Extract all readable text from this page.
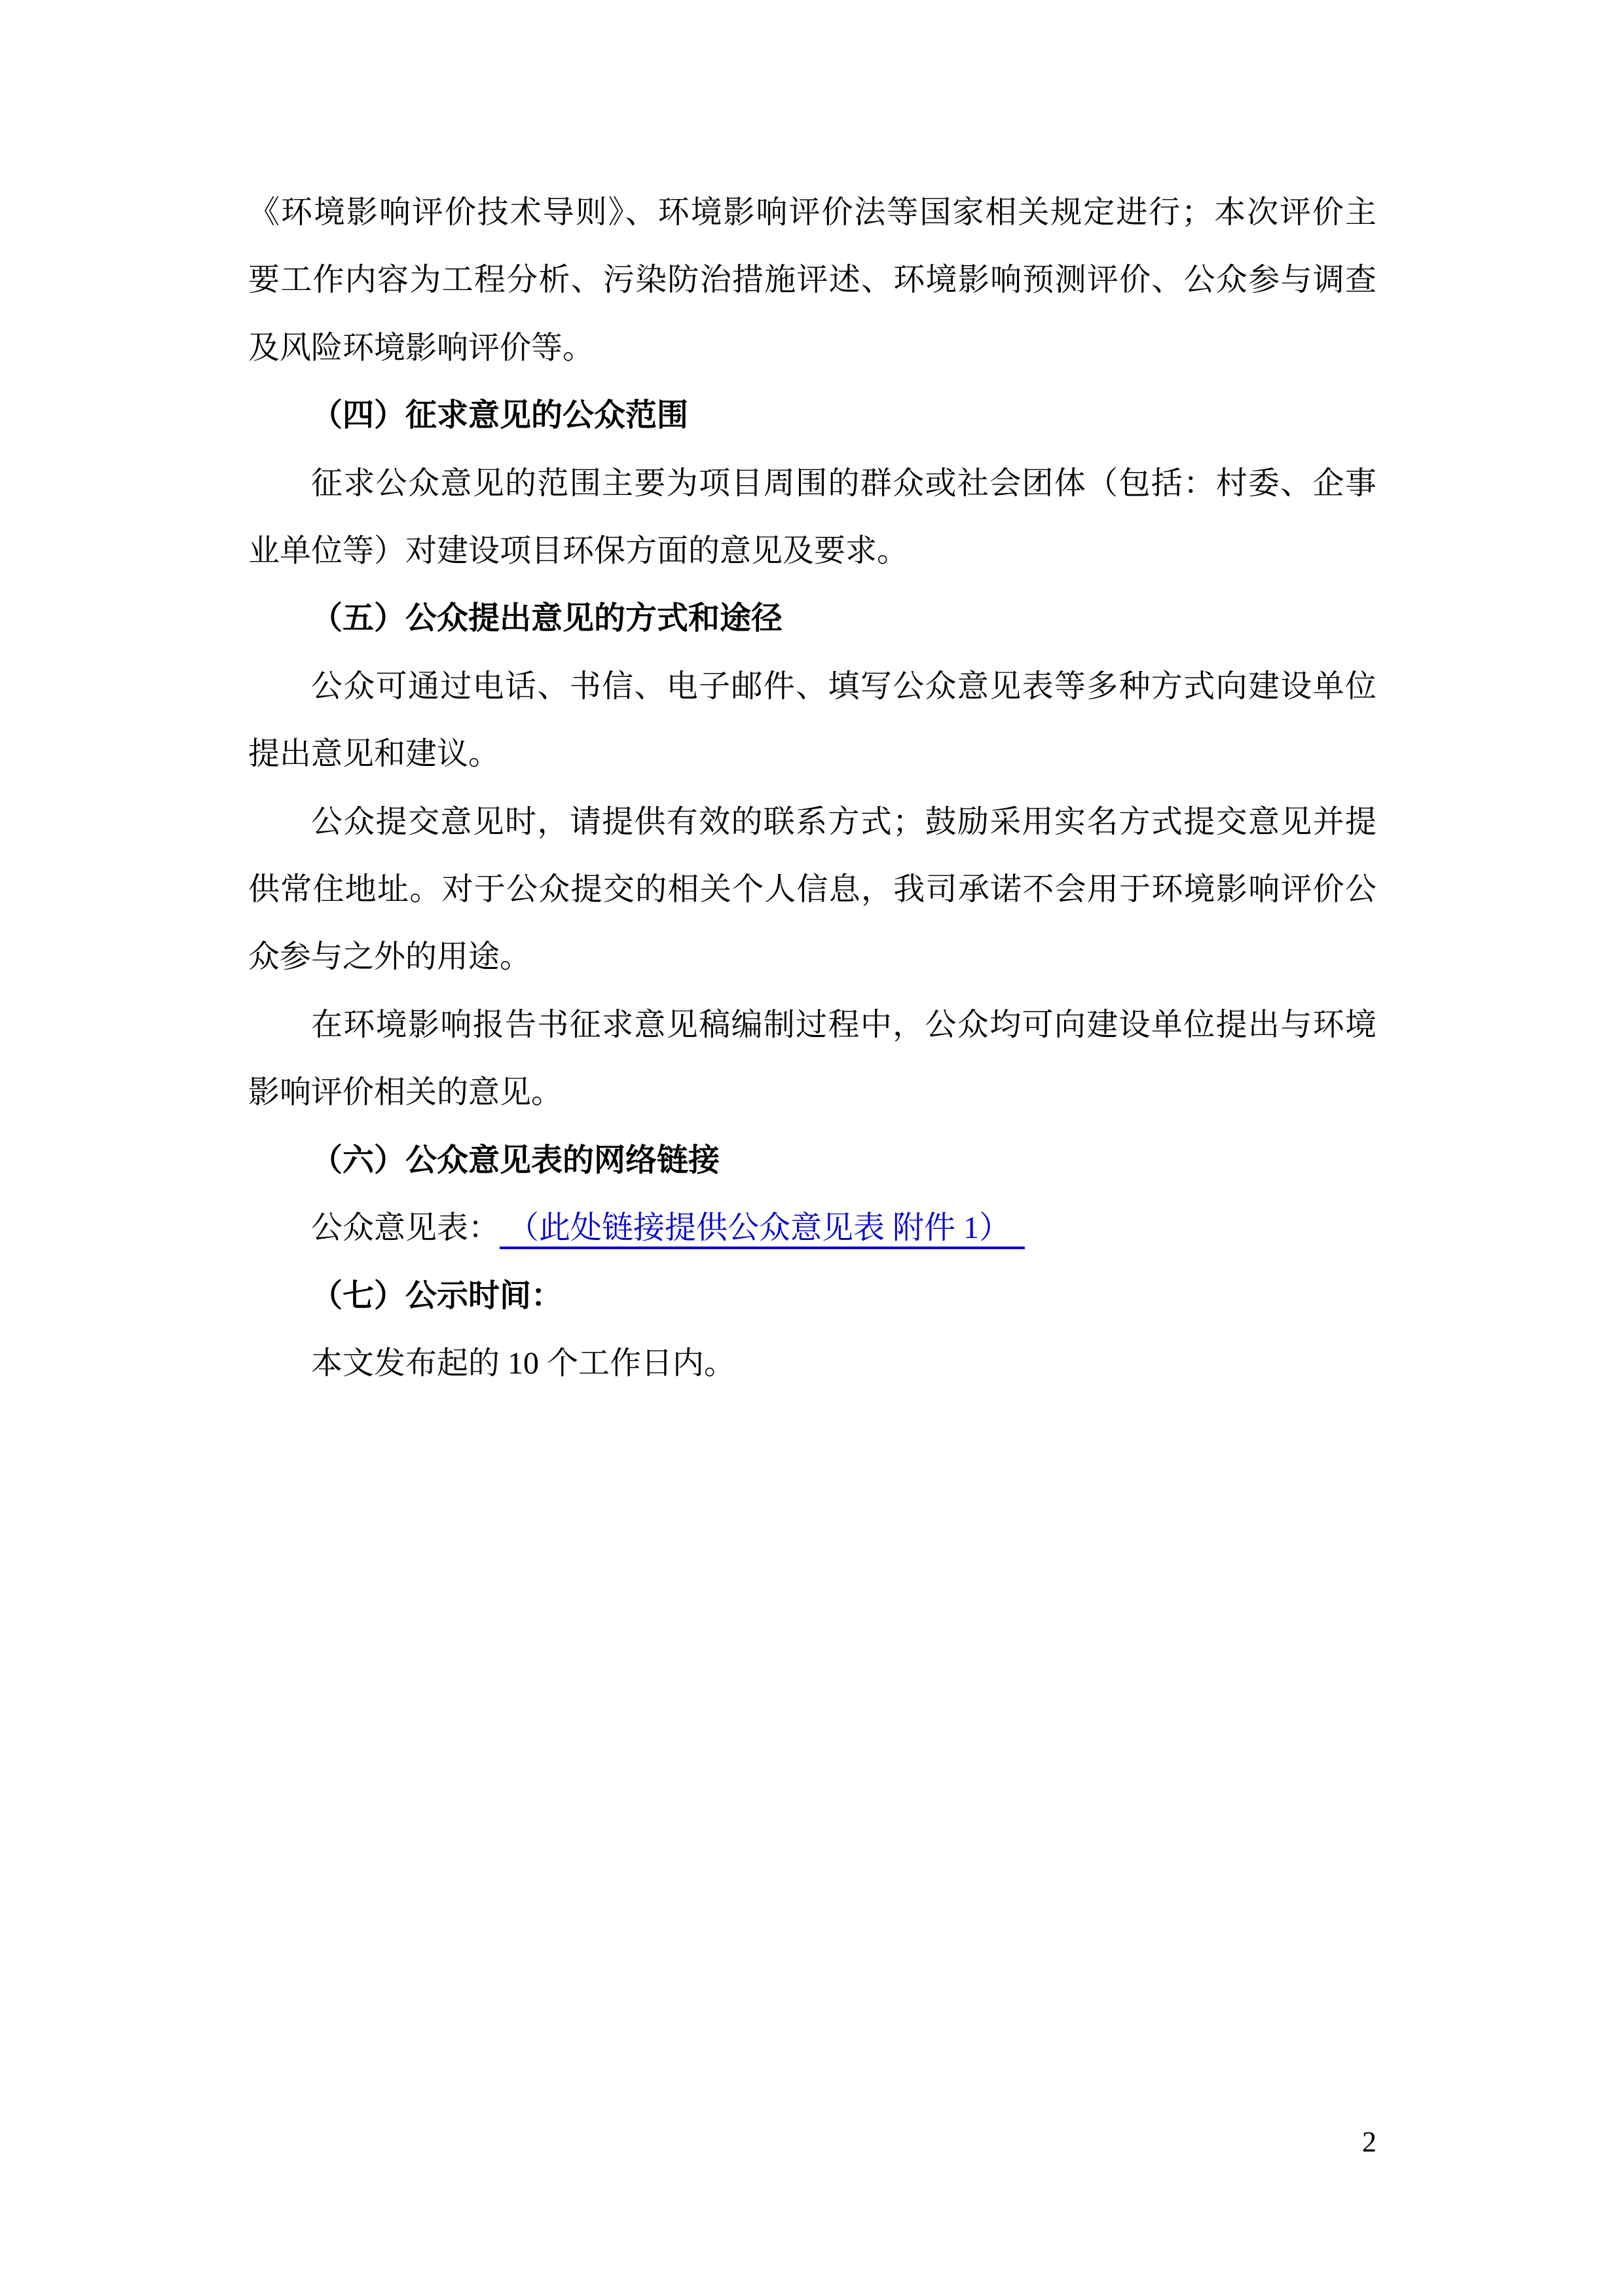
《环境影响评价技术导则》、环境影响评价法等国家相关规定进行；本次评价主
要工作内容为工程分析、污染防治措施评述、环境影响预测评价、公众参与调查
及风险环境影响评价等。
（四）征求意见的公众范围
征求公众意见的范围主要为项目周围的群众或社会团体（包括：村委、企事
业单位等）对建设项目环保方面的意见及要求。
（五）公众提出意见的方式和途径
公众可通过电话、书信、电子邮件、填写公众意见表等多种方式向建设单位
提出意见和建议。
公众提交意见时，请提供有效的联系方式；鼓励采用实名方式提交意见并提
供常住地址。对于公众提交的相关个人信息，我司承诺不会用于环境影响评价公
众参与之外的用途。
在环境影响报告书征求意见稿编制过程中，公众均可向建设单位提出与环境
影响评价相关的意见。
（六）公众意见表的网络链接
公众意见表： （此处链接提供公众意见表 附件 1）
（七）公示时间：
本文发布起的 10 个工作日内。
2
